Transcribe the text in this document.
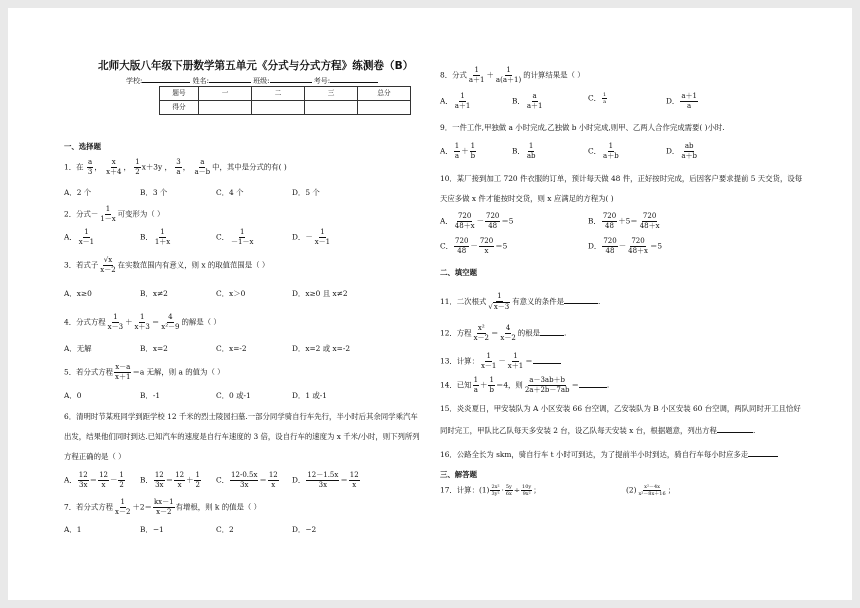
北师大版八年级下册数学第五单元《分式与分式方程》练测卷（B）
学校:	姓名:	班级:	考号:
题号	一	二	三	总分
得分				
一、选择题
1．在 $\frac{a}{3}$ ， $\frac{x}{x+4}$ ， $\frac{1}{2} x+3y$ ， $\frac{3}{a}$ ， $\frac{a}{a-b}$ 中，其中是分式的有( )
A．2 个	B．3 个	C．4 个	D．5 个
2．分式－ $\frac{1}{1-x}$ 可变形为（ ）
A． $\frac{1}{x-1}$	B． $\frac{1}{1+x}$	C． $\frac{1}{-1-x}$	D．－ $\frac{1}{x-1}$
3．若式子 $\frac{√x}{x-2}$ 在实数范围内有意义，则 x 的取值范围是（ ）
A．x≥0	B．x≠2	C．x＞0	D．x≥0 且 x≠2
4．分式方程 $\frac{1}{x-3} + \frac{1}{x+3} = \frac{4}{\text{x²－9}}$ 的解是（ ）
A．无解	B．x=2	C．x=-2	D．x=2 或 x=-2
5．若分式方程 $\frac{x-a}{x+1} =a$ 无解，则 a 的值为（ ）
A．0	B．-1	C．0 或-1	D．1 或-1
6．清明时节某班同学到距学校 12 千米的烈士陵园扫墓.一部分同学骑自行车先行，半小时后其余同学乘汽车
出发，结果他们同时到达.已知汽车的速度是自行车速度的 3 倍，设自行车的速度为 x 千米/小时，则下列所列
方程正确的是（ ）
A． $\frac{12}{3x} = \frac{12}{x} - \frac{1}{2}$ B． $\frac{12}{3x} = \frac{12}{x} + \frac{1}{2}$ C． $\frac{12-0.5x}{3x} = \frac{12}{x}$ D． $\frac{12-1.5x}{3x} = \frac{12}{x}$
7．若分式方程 $\frac{1}{x-2} +2= \frac{kx-1}{x-2}$ 有增根，则 k 的值是（ ）
A．1	B．−1	C．2	D．−2
8．分式 $\frac{1}{a+1} + \frac{1}{a(a+1)}$ 的计算结果是（ ）
A． $\frac{1}{a+1}$	B． $\frac{a}{a+1}$	C． $\frac{1}{a}$	D． $\frac{a+1}{a}$
9．一件工作,甲独做 a 小时完成,乙独做 b 小时完成,则甲、乙两人合作完成需要( )小时.
A． $\frac{1}{a} + \frac{1}{b}$	B． $\frac{1}{ab}$	C． $\frac{1}{a+b}$	D． $\frac{ab}{a+b}$
10．某厂接到加工 720 件衣服的订单，预计每天做 48 件，正好按时完成，后因客户要求提前 5 天交货，设每
天应多做 x 件才能按时交货，则 x 应满足的方程为( )
A． $\frac{720}{48+x} - \frac{720}{48} =5$	B． $\frac{720}{48} +5= \frac{720}{48+x}$
C． $\frac{720}{48} - \frac{720}{x} =5$	D． $\frac{720}{48} - \frac{720}{48+x} =5$
二、填空题
11．二次根式 $\frac{1}{√x-3}$ 有意义的条件是	.
12．方程 $\frac{\text{x²}}{x-2} = \frac{4}{x-2}$ 的根是	.
13．计算： $\frac{1}{x-1} - \frac{1}{x+1}$ ＝
14．已知 $\frac{1}{a} + \frac{1}{b} =4$，则 $\frac{a-3ab+b}{2a+2b-7ab}$ ＝	.
15．炎炎夏日，甲安装队为 A 小区安装 66 台空调，乙安装队为 B 小区安装 60 台空调，两队同时开工且恰好
同时完工，甲队比乙队每天多安装 2 台，设乙队每天安装 x 台，根据题意，列出方程	.
16．公路全长为 skm，骑自行车 t 小时可到达，为了提前半小时到达，骑自行车每小时应多走
三、解答题
17．计算：$(1) \frac{\text{2x²}}{\text{3y²}} \cdot \frac{5y}{6x} \div \frac{10y}{\text{9x²}}$ ；	$(2) \frac{\text{x²－4x}}{\text{x²－8x＋16}}$ ；
